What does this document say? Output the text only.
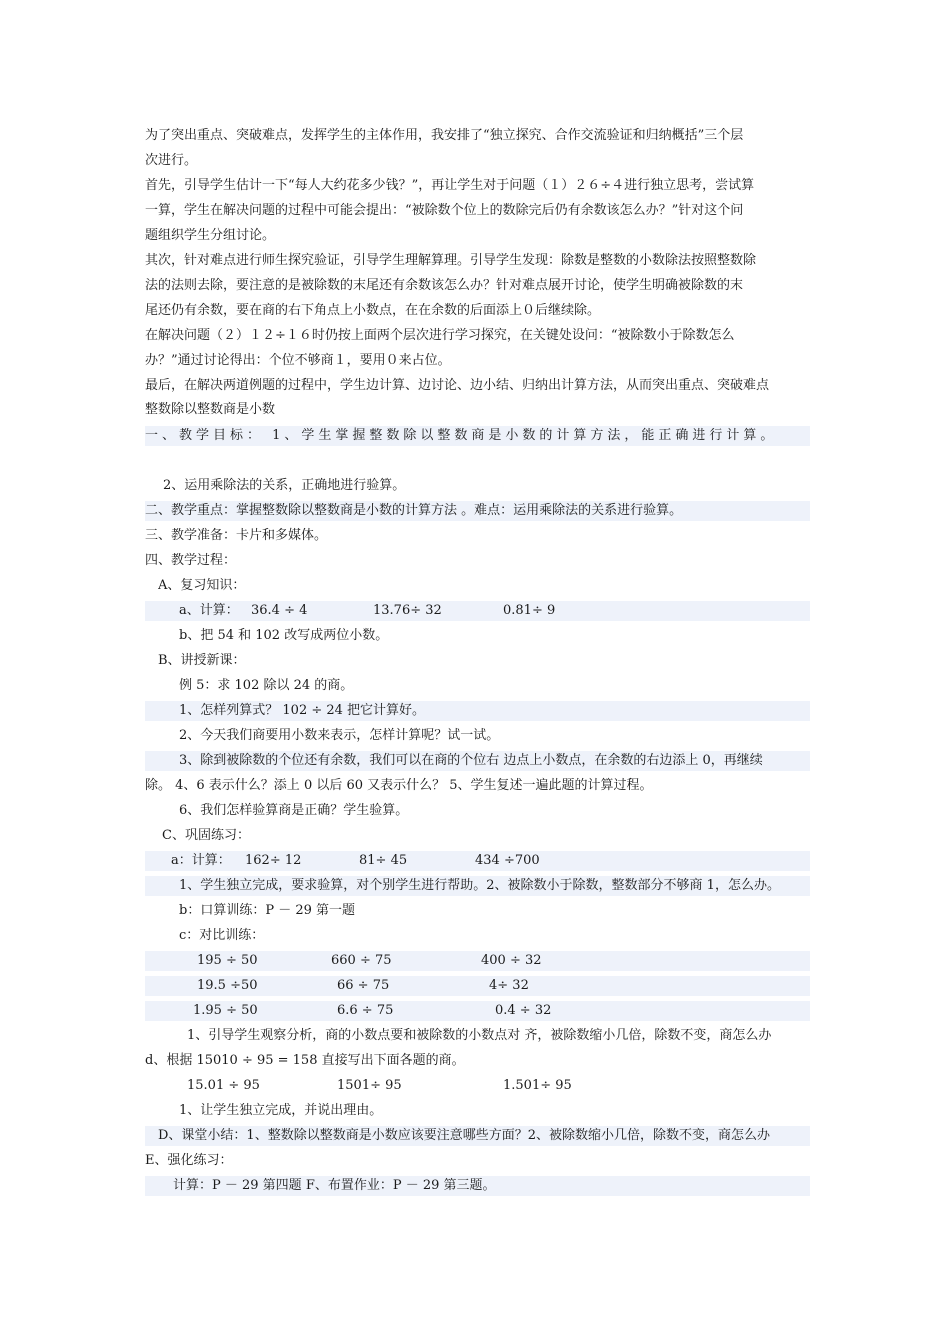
为了突出重点、突破难点，发挥学生的主体作用，我安排了“独立探究、合作交流验证和归纳概括”三个层
次进行。
首先，引导学生估计一下“每人大约花多少钱？”，再让学生对于问题（１）２６÷４进行独立思考，尝试算
一算，学生在解决问题的过程中可能会提出：“被除数个位上的数除完后仍有余数该怎么办？”针对这个问
题组织学生分组讨论。
其次，针对难点进行师生探究验证，引导学生理解算理。引导学生发现：除数是整数的小数除法按照整数除
法的法则去除，要注意的是被除数的末尾还有余数该怎么办？针对难点展开讨论，使学生明确被除数的末
尾还仍有余数，要在商的右下角点上小数点，在在余数的后面添上０后继续除。
在解决问题（２）１２÷１６时仍按上面两个层次进行学习探究，在关键处设问：“被除数小于除数怎么
办？”通过讨论得出：个位不够商１，要用０来占位。
最后，在解决两道例题的过程中，学生边计算、边讨论、边小结、归纳出计算方法，从而突出重点、突破难点
整数除以整数商是小数
一、教学目标： 1、学生掌握整数除以整数商是小数的计算方法，能正确进行计算。
2、运用乘除法的关系，正确地进行验算。
二、教学重点：掌握整数除以整数商是小数的计算方法 。难点：运用乘除法的关系进行验算。
三、教学准备：卡片和多媒体。
四、教学过程：
A、复习知识：
a、计算： 36.4 ÷ 4	13.76÷ 32	0.81÷ 9
b、把 54 和 102 改写成两位小数。
B、讲授新课：
例 5：求 102 除以 24 的商。
1、怎样列算式？ 102 ÷ 24 把它计算好。
2、今天我们商要用小数来表示，怎样计算呢？试一试。
3、除到被除数的个位还有余数，我们可以在商的个位右 边点上小数点，在余数的右边添上 0，再继续
除。 4、6 表示什么？添上 0 以后 60 又表示什么？ 5、学生复述一遍此题的计算过程。
6、我们怎样验算商是正确？学生验算。
C、巩固练习：
a：计算： 162÷ 12	81÷ 45	434 ÷700
1、学生独立完成，要求验算，对个别学生进行帮助。2、被除数小于除数，整数部分不够商 1，怎么办。
b：口算训练：P － 29 第一题
c：对比训练：
195 ÷ 50	660 ÷ 75	400 ÷ 32
19.5 ÷50	66 ÷ 75	4÷ 32
1.95 ÷ 50	6.6 ÷ 75	0.4 ÷ 32
1、引导学生观察分析，商的小数点要和被除数的小数点对 齐，被除数缩小几倍，除数不变，商怎么办
d、根据 15010 ÷ 95 = 158 直接写出下面各题的商。
15.01 ÷ 95	1501÷ 95	1.501÷ 95
1、让学生独立完成，并说出理由。
D、课堂小结：1、整数除以整数商是小数应该要注意哪些方面？2、被除数缩小几倍，除数不变，商怎么办
E、强化练习：
计算：P － 29 第四题 F、布置作业：P － 29 第三题。
